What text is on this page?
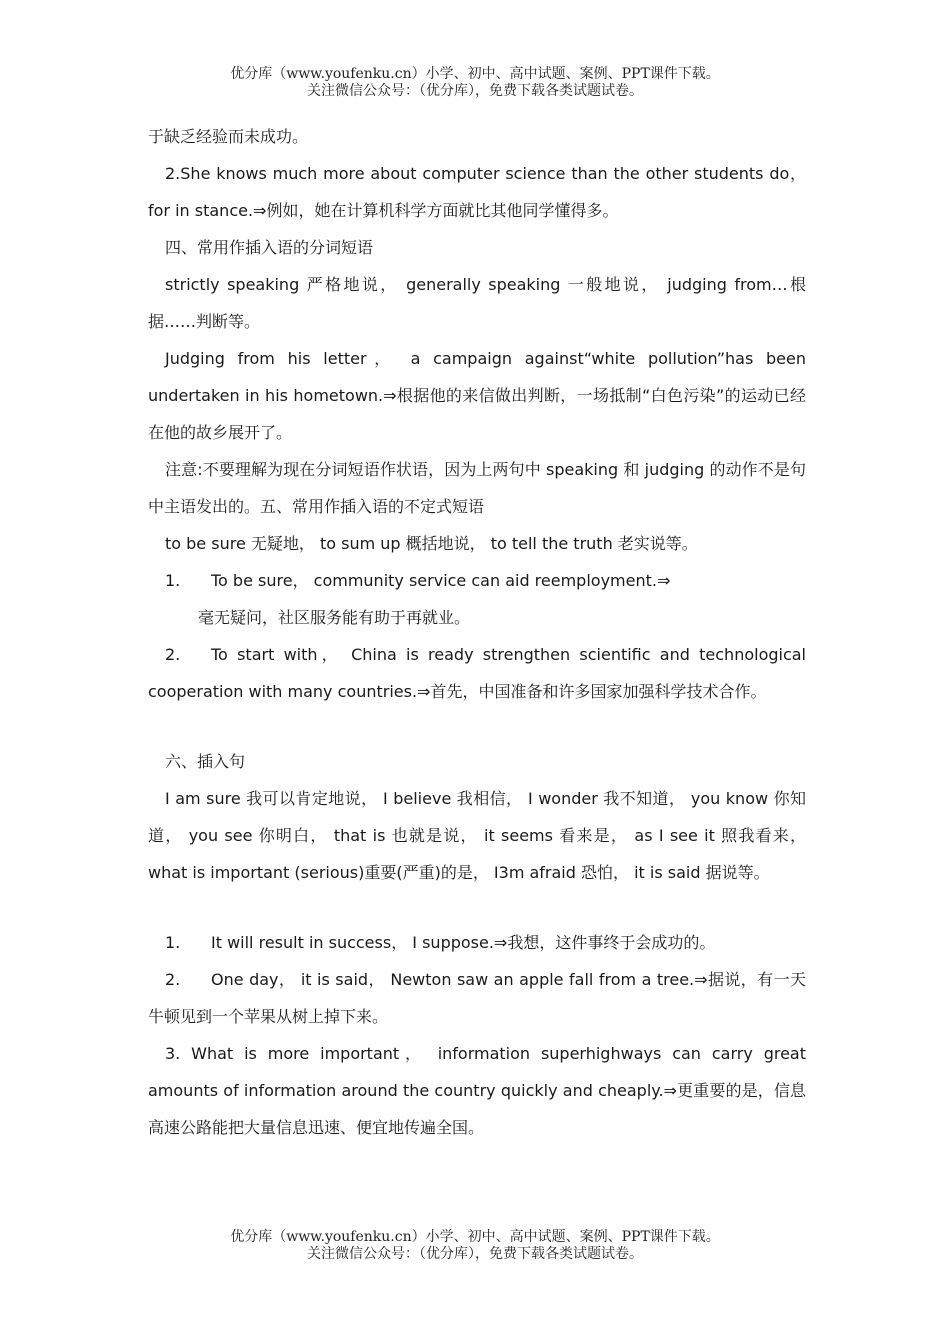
优分库（www.youfenku.cn）小学、初中、高中试题、案例、PPT课件下载。
关注微信公众号：（优分库），免费下载各类试题试卷。

于缺乏经验而未成功。

2.She knows much more about computer science than the other students do， for in stance.⇒例如，她在计算机科学方面就比其他同学懂得多。

四、常用作插入语的分词短语

strictly speaking 严格地说， generally speaking 一般地说， judging from…根据……判断等。

Judging from his letter， a campaign against“white pollution”has been undertaken in his hometown.⇒根据他的来信做出判断，一场抵制“白色污染”的运动已经在他的故乡展开了。

注意:不要理解为现在分词短语作状语，因为上两句中 speaking 和 judging 的动作不是句中主语发出的。五、常用作插入语的不定式短语

to be sure 无疑地， to sum up 概括地说， to tell the truth 老实说等。

1. To be sure， community service can aid reemployment.⇒

毫无疑问，社区服务能有助于再就业。

2. To start with， China is ready strengthen scientific and technological cooperation with many countries.⇒首先，中国准备和许多国家加强科学技术合作。

六、插入句

I am sure 我可以肯定地说， I believe 我相信， I wonder 我不知道， you know 你知道， you see 你明白， that is 也就是说， it seems 看来是， as I see it 照我看来， what is important (serious)重要(严重)的是， I3m afraid 恐怕， it is said 据说等。

1. It will result in success， I suppose.⇒我想，这件事终于会成功的。

2. One day， it is said， Newton saw an apple fall from a tree.⇒据说，有一天牛顿见到一个苹果从树上掉下来。

3. What is more important， information superhighways can carry great amounts of information around the country quickly and cheaply.⇒更重要的是，信息高速公路能把大量信息迅速、便宜地传遍全国。

优分库（www.youfenku.cn）小学、初中、高中试题、案例、PPT课件下载。
关注微信公众号：（优分库），免费下载各类试题试卷。
